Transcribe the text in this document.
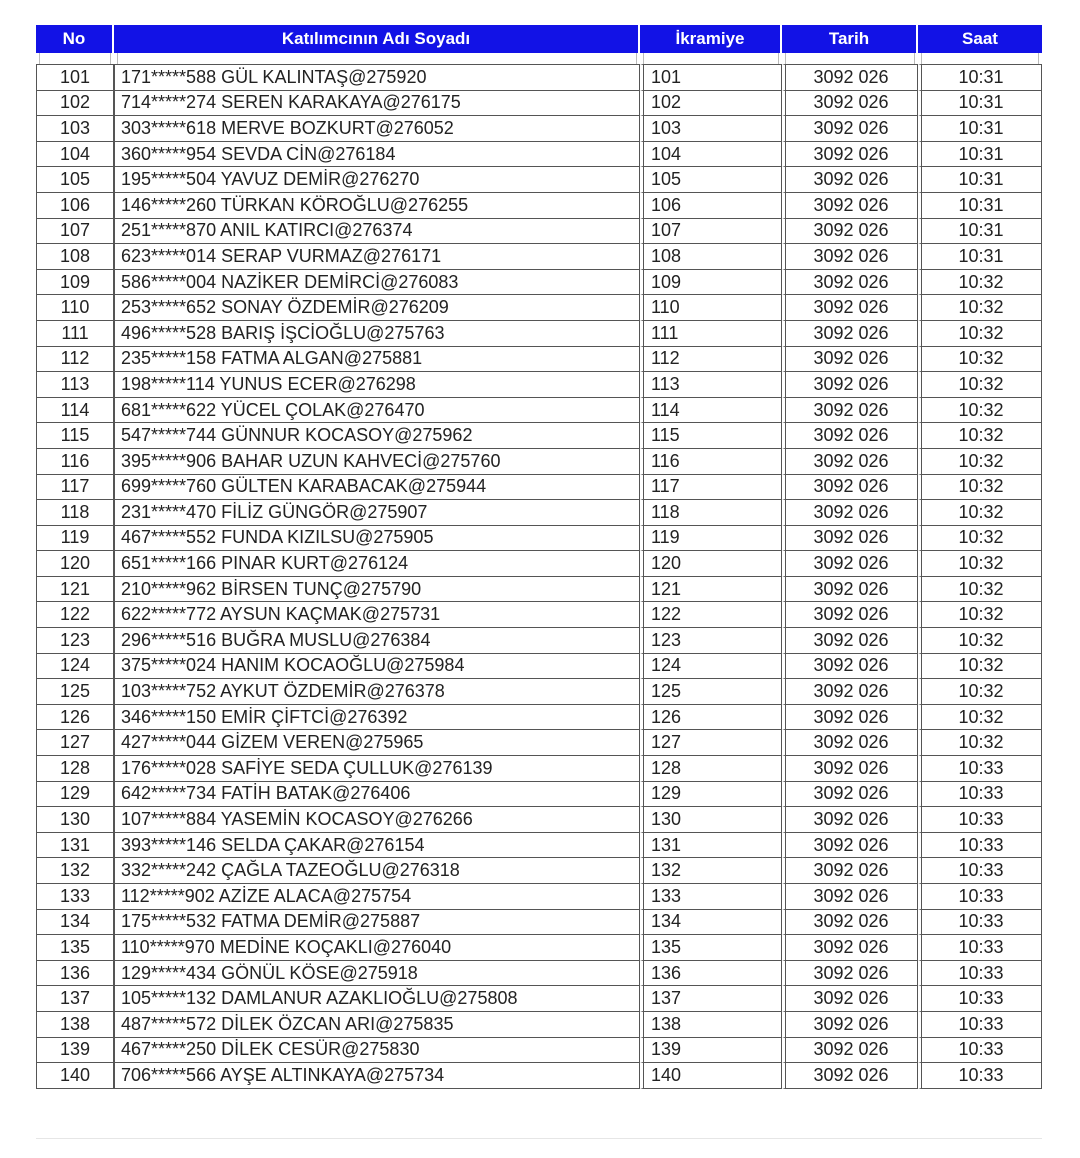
No	Katılımcının Adı Soyadı	İkramiye	Tarih	Saat

101	171*****588 GÜL KALINTAŞ@275920	101	3092 026	10:31
102	714*****274 SEREN KARAKAYA@276175	102	3092 026	10:31
103	303*****618 MERVE BOZKURT@276052	103	3092 026	10:31
104	360*****954 SEVDA CİN@276184	104	3092 026	10:31
105	195*****504 YAVUZ DEMİR@276270	105	3092 026	10:31
106	146*****260 TÜRKAN KÖROĞLU@276255	106	3092 026	10:31
107	251*****870 ANIL KATIRCI@276374	107	3092 026	10:31
108	623*****014 SERAP VURMAZ@276171	108	3092 026	10:31
109	586*****004 NAZİKER DEMİRCİ@276083	109	3092 026	10:32
110	253*****652 SONAY ÖZDEMİR@276209	110	3092 026	10:32
111	496*****528 BARIŞ İŞCİOĞLU@275763	111	3092 026	10:32
112	235*****158 FATMA ALGAN@275881	112	3092 026	10:32
113	198*****114 YUNUS ECER@276298	113	3092 026	10:32
114	681*****622 YÜCEL ÇOLAK@276470	114	3092 026	10:32
115	547*****744 GÜNNUR KOCASOY@275962	115	3092 026	10:32
116	395*****906 BAHAR UZUN KAHVECİ@275760	116	3092 026	10:32
117	699*****760 GÜLTEN KARABACAK@275944	117	3092 026	10:32
118	231*****470 FİLİZ GÜNGÖR@275907	118	3092 026	10:32
119	467*****552 FUNDA KIZILSU@275905	119	3092 026	10:32
120	651*****166 PINAR KURT@276124	120	3092 026	10:32
121	210*****962 BİRSEN TUNÇ@275790	121	3092 026	10:32
122	622*****772 AYSUN KAÇMAK@275731	122	3092 026	10:32
123	296*****516 BUĞRA MUSLU@276384	123	3092 026	10:32
124	375*****024 HANIM KOCAOĞLU@275984	124	3092 026	10:32
125	103*****752 AYKUT ÖZDEMİR@276378	125	3092 026	10:32
126	346*****150 EMİR ÇİFTCİ@276392	126	3092 026	10:32
127	427*****044 GİZEM VEREN@275965	127	3092 026	10:32
128	176*****028 SAFİYE SEDA ÇULLUK@276139	128	3092 026	10:33
129	642*****734 FATİH BATAK@276406	129	3092 026	10:33
130	107*****884 YASEMİN KOCASOY@276266	130	3092 026	10:33
131	393*****146 SELDA ÇAKAR@276154	131	3092 026	10:33
132	332*****242 ÇAĞLA TAZEOĞLU@276318	132	3092 026	10:33
133	112*****902 AZİZE ALACA@275754	133	3092 026	10:33
134	175*****532 FATMA DEMİR@275887	134	3092 026	10:33
135	110*****970 MEDİNE KOÇAKLI@276040	135	3092 026	10:33
136	129*****434 GÖNÜL KÖSE@275918	136	3092 026	10:33
137	105*****132 DAMLANUR AZAKLIOĞLU@275808	137	3092 026	10:33
138	487*****572 DİLEK ÖZCAN ARI@275835	138	3092 026	10:33
139	467*****250 DİLEK CESÜR@275830	139	3092 026	10:33
140	706*****566 AYŞE ALTINKAYA@275734	140	3092 026	10:33
